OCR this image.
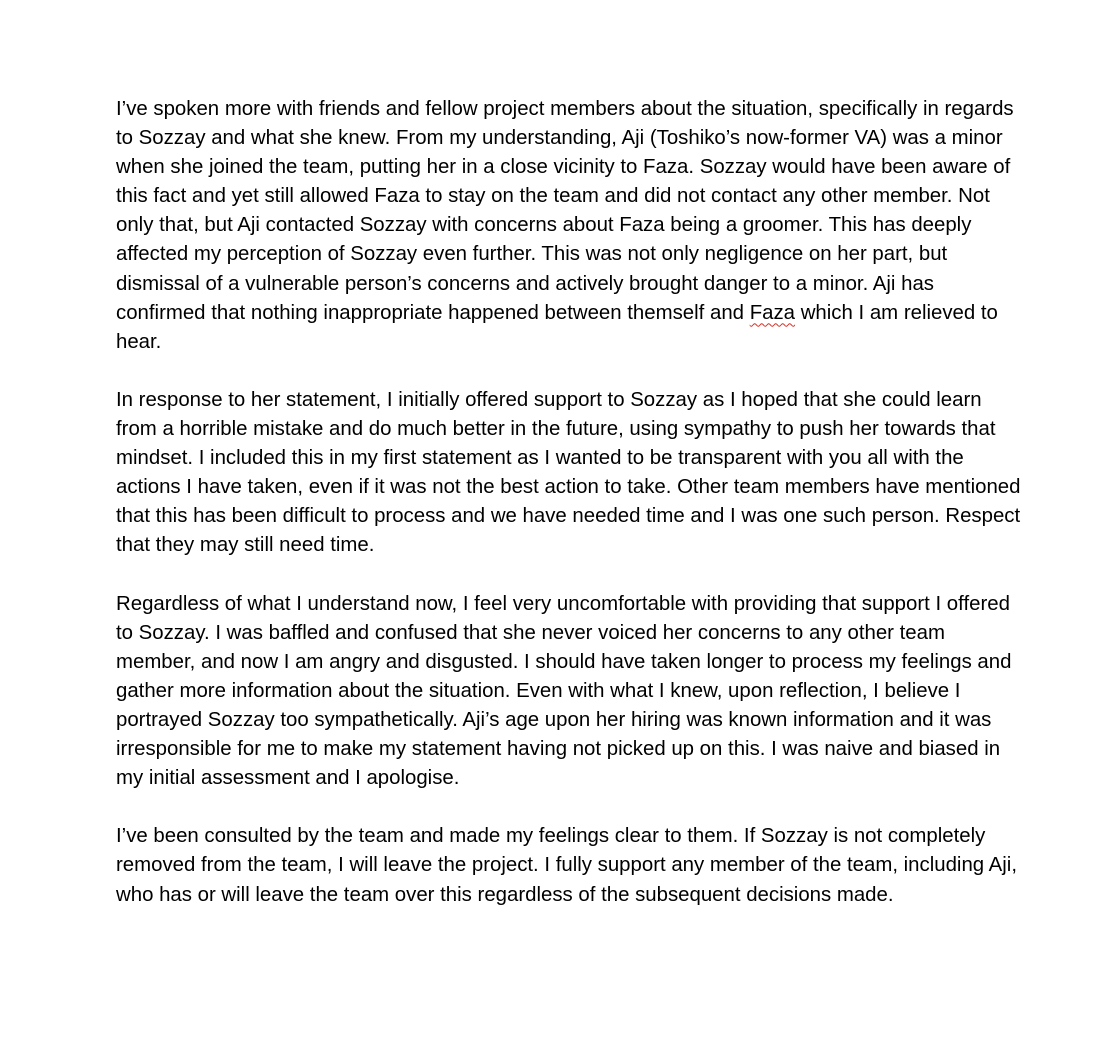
I’ve spoken more with friends and fellow project members about the situation, specifically in regards to Sozzay and what she knew. From my understanding, Aji (Toshiko’s now-former VA) was a minor when she joined the team, putting her in a close vicinity to Faza. Sozzay would have been aware of this fact and yet still allowed Faza to stay on the team and did not contact any other member. Not only that, but Aji contacted Sozzay with concerns about Faza being a groomer. This has deeply affected my perception of Sozzay even further. This was not only negligence on her part, but dismissal of a vulnerable person’s concerns and actively brought danger to a minor. Aji has confirmed that nothing inappropriate happened between themself and Faza which I am relieved to hear.

In response to her statement, I initially offered support to Sozzay as I hoped that she could learn from a horrible mistake and do much better in the future, using sympathy to push her towards that mindset. I included this in my first statement as I wanted to be transparent with you all with the actions I have taken, even if it was not the best action to take. Other team members have mentioned that this has been difficult to process and we have needed time and I was one such person. Respect that they may still need time.

Regardless of what I understand now, I feel very uncomfortable with providing that support I offered to Sozzay. I was baffled and confused that she never voiced her concerns to any other team member, and now I am angry and disgusted. I should have taken longer to process my feelings and gather more information about the situation. Even with what I knew, upon reflection, I believe I portrayed Sozzay too sympathetically. Aji’s age upon her hiring was known information and it was irresponsible for me to make my statement having not picked up on this. I was naive and biased in my initial assessment and I apologise.

I’ve been consulted by the team and made my feelings clear to them. If Sozzay is not completely removed from the team, I will leave the project. I fully support any member of the team, including Aji, who has or will leave the team over this regardless of the subsequent decisions made.
